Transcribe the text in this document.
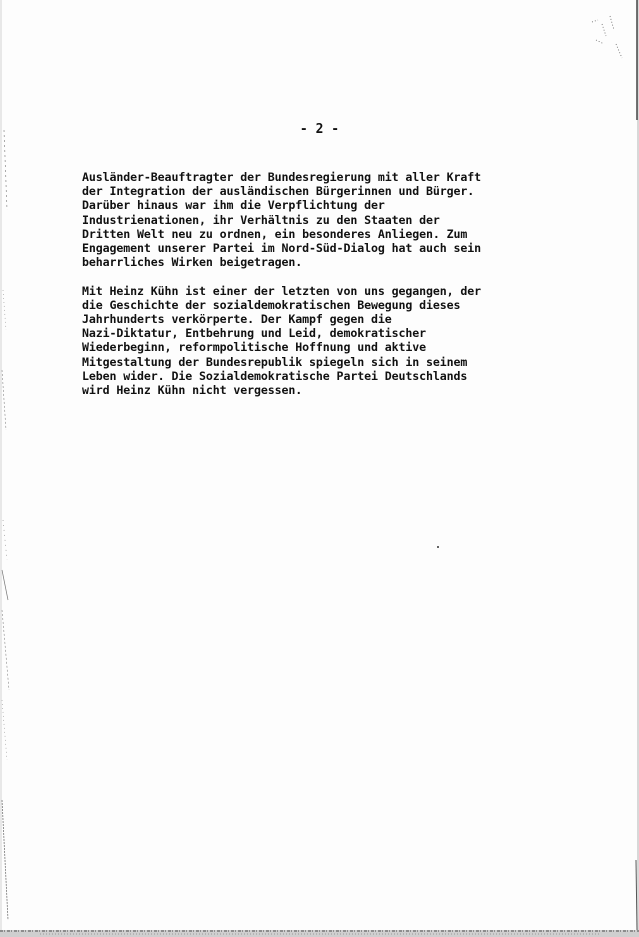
- 2 -
Ausländer-Beauftragter der Bundesregierung mit aller Kraft
der Integration der ausländischen Bürgerinnen und Bürger.
Darüber hinaus war ihm die Verpflichtung der
Industrienationen, ihr Verhältnis zu den Staaten der
Dritten Welt neu zu ordnen, ein besonderes Anliegen. Zum
Engagement unserer Partei im Nord-Süd-Dialog hat auch sein
beharrliches Wirken beigetragen.
Mit Heinz Kühn ist einer der letzten von uns gegangen, der
die Geschichte der sozialdemokratischen Bewegung dieses
Jahrhunderts verkörperte. Der Kampf gegen die
Nazi-Diktatur, Entbehrung und Leid, demokratischer
Wiederbeginn, reformpolitische Hoffnung und aktive
Mitgestaltung der Bundesrepublik spiegeln sich in seinem
Leben wider. Die Sozialdemokratische Partei Deutschlands
wird Heinz Kühn nicht vergessen.
